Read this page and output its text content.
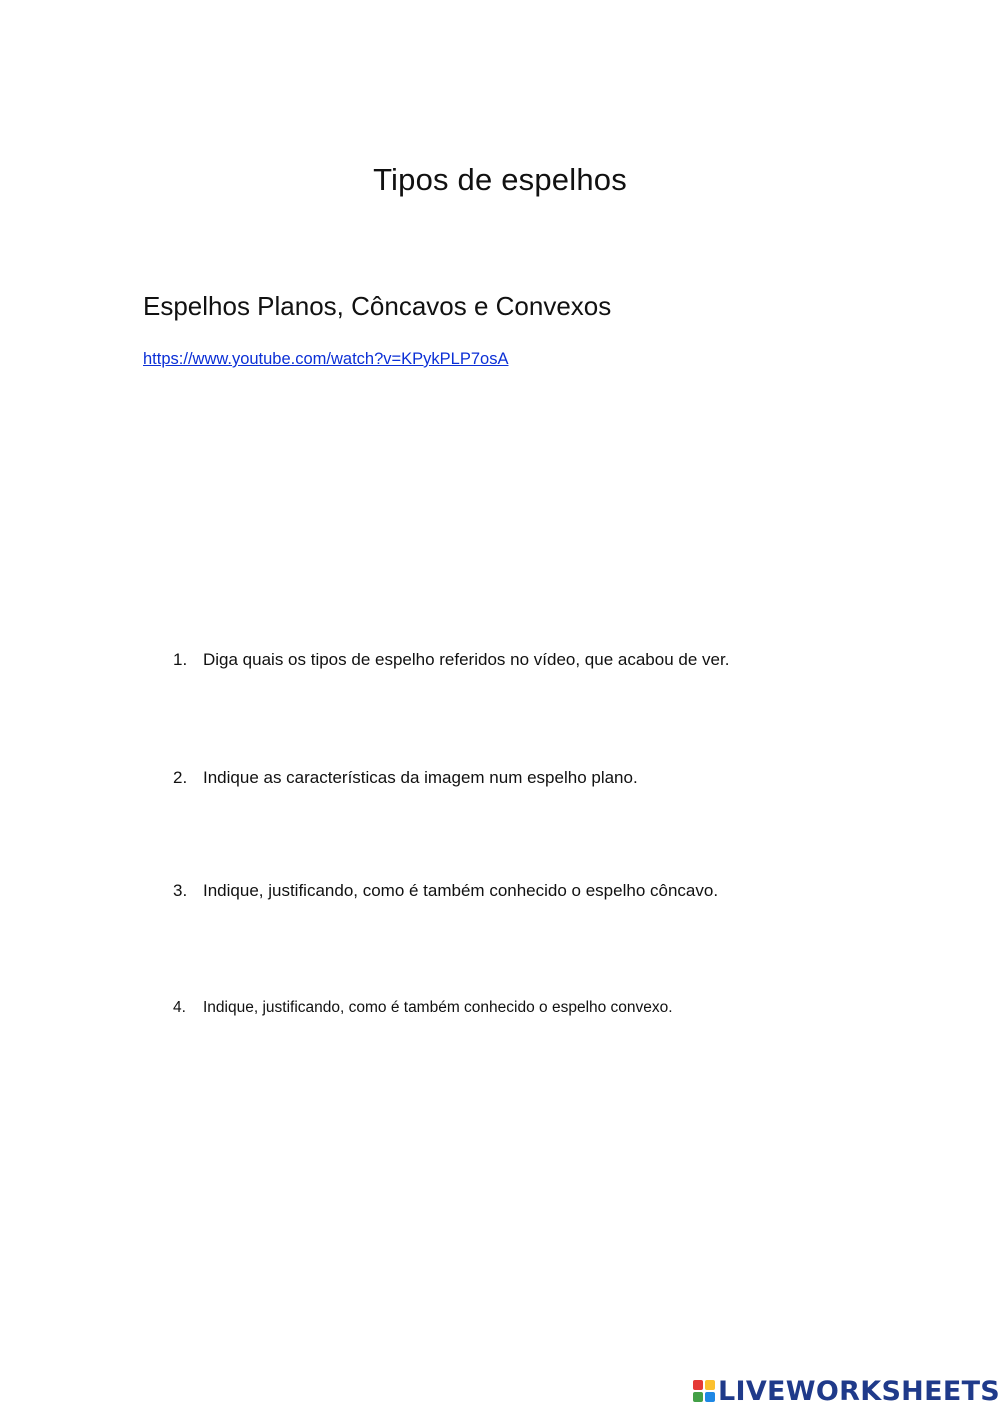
Tipos de espelhos
Espelhos Planos, Côncavos e Convexos
https://www.youtube.com/watch?v=KPykPLP7osA
1. Diga quais os tipos de espelho referidos no vídeo, que acabou de ver.
2. Indique as características da imagem num espelho plano.
3. Indique, justificando, como é também conhecido o espelho côncavo.
4. Indique, justificando, como é também conhecido o espelho convexo.
LIVEWORKSHEETS
